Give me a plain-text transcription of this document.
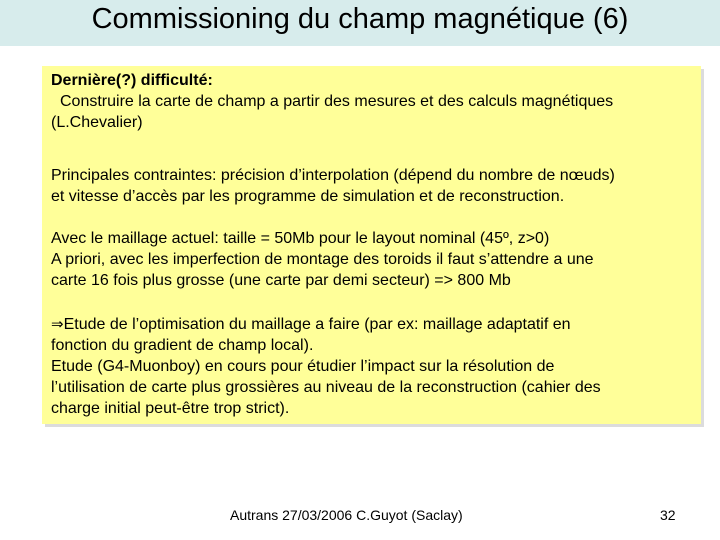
Commissioning du champ magnétique (6)
Dernière(?) difficulté:
Construire la carte de champ a partir des mesures et des calculs magnétiques
(L.Chevalier)
Principales contraintes: précision d’interpolation (dépend du nombre de nœuds)
et vitesse d’accès par les programme de simulation et de reconstruction.
Avec le maillage actuel: taille = 50Mb pour le layout nominal (45º, z>0)
A priori, avec les imperfection de montage des toroids il faut s’attendre a une
carte 16 fois plus grosse (une carte par demi secteur) => 800 Mb
⇒Etude de l’optimisation du maillage a faire (par ex: maillage adaptatif en
fonction du gradient de champ local).
Etude (G4-Muonboy) en cours pour étudier l’impact sur la résolution de
l’utilisation de carte plus grossières au niveau de la reconstruction (cahier des
charge initial peut-être trop strict).
Autrans 27/03/2006 C.Guyot (Saclay)	32
